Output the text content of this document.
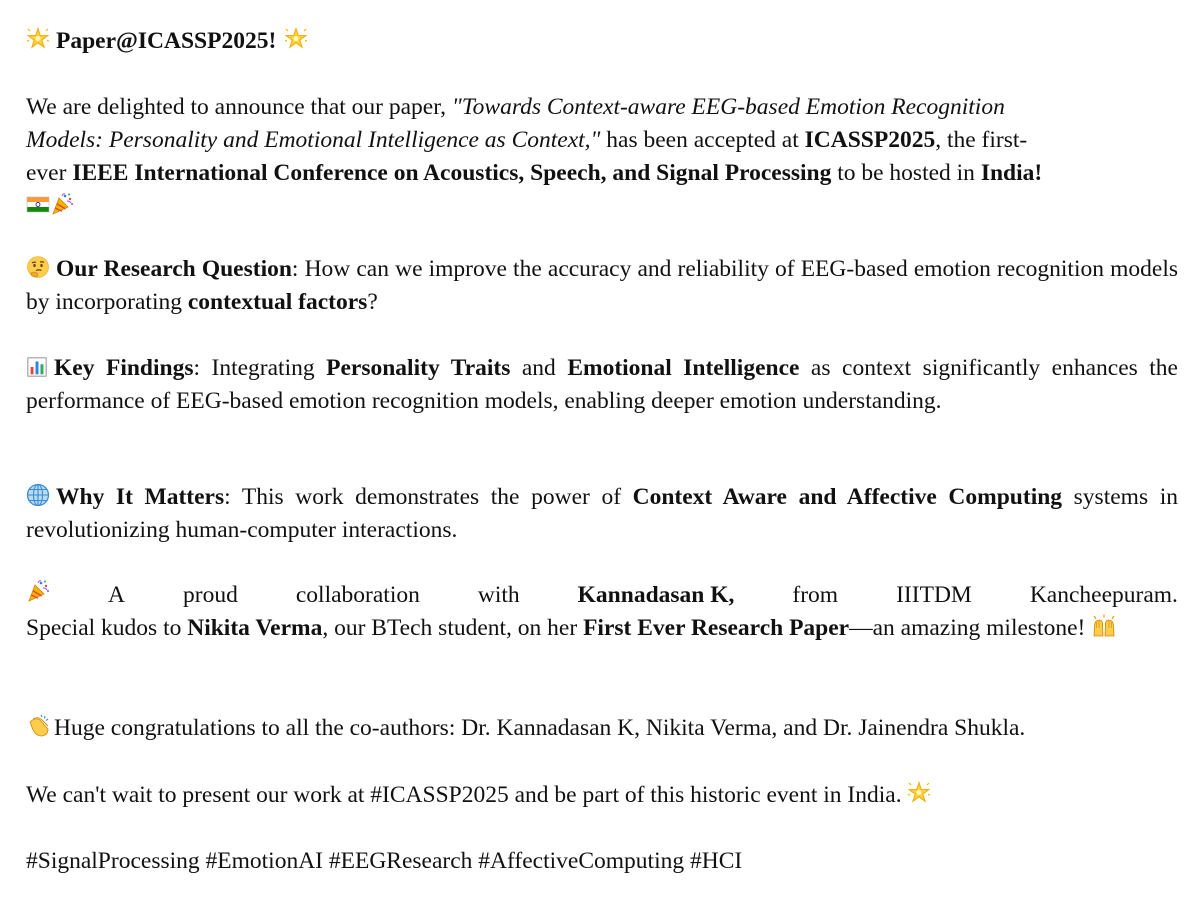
Paper@ICASSP2025!
We are delighted to announce that our paper, "Towards Context-aware EEG-based Emotion Recognition
Models: Personality and Emotional Intelligence as Context," has been accepted at ICASSP2025, the first-
ever IEEE International Conference on Acoustics, Speech, and Signal Processing to be hosted in India!
Our Research Question: How can we improve the accuracy and reliability of EEG-based emotion recognition models by incorporating contextual factors?
Key Findings: Integrating Personality Traits and Emotional Intelligence as context significantly enhances the performance of EEG-based emotion recognition models, enabling deeper emotion understanding.
Why It Matters: This work demonstrates the power of Context Aware and Affective Computing systems in revolutionizing human-computer interactions.
A proud collaboration with Kannadasan K, from IIITDM Kancheepuram.
Special kudos to Nikita Verma, our BTech student, on her First Ever Research Paper—an amazing milestone!
Huge congratulations to all the co-authors: Dr. Kannadasan K, Nikita Verma, and Dr. Jainendra Shukla.
We can't wait to present our work at #ICASSP2025 and be part of this historic event in India.
#SignalProcessing #EmotionAI #EEGResearch #AffectiveComputing #HCI
